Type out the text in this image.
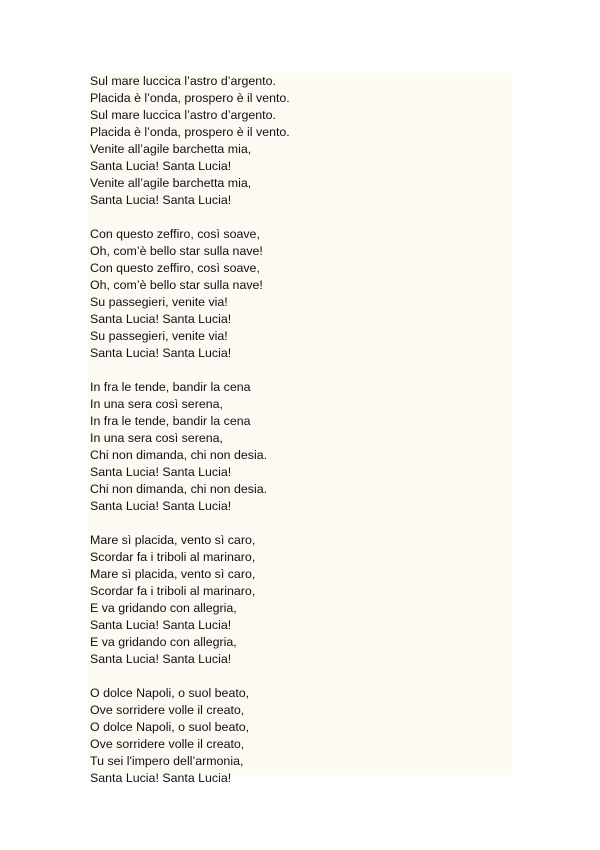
Sul mare luccica l’astro d’argento.
Placida è l’onda, prospero è il vento.
Sul mare luccica l’astro d’argento.
Placida è l’onda, prospero è il vento.
Venite all’agile barchetta mia,
Santa Lucia! Santa Lucia!
Venite all’agile barchetta mia,
Santa Lucia! Santa Lucia!
Con questo zeffiro, così soave,
Oh, com’è bello star sulla nave!
Con questo zeffiro, così soave,
Oh, com’è bello star sulla nave!
Su passegieri, venite via!
Santa Lucia! Santa Lucia!
Su passegieri, venite via!
Santa Lucia! Santa Lucia!
In fra le tende, bandir la cena
In una sera così serena,
In fra le tende, bandir la cena
In una sera così serena,
Chi non dimanda, chi non desia.
Santa Lucia! Santa Lucia!
Chi non dimanda, chi non desia.
Santa Lucia! Santa Lucia!
Mare sì placida, vento sì caro,
Scordar fa i triboli al marinaro,
Mare sì placida, vento sì caro,
Scordar fa i triboli al marinaro,
E va gridando con allegria,
Santa Lucia! Santa Lucia!
E va gridando con allegria,
Santa Lucia! Santa Lucia!
O dolce Napoli, o suol beato,
Ove sorridere volle il creato,
O dolce Napoli, o suol beato,
Ove sorridere volle il creato,
Tu sei l'impero dell’armonia,
Santa Lucia! Santa Lucia!
